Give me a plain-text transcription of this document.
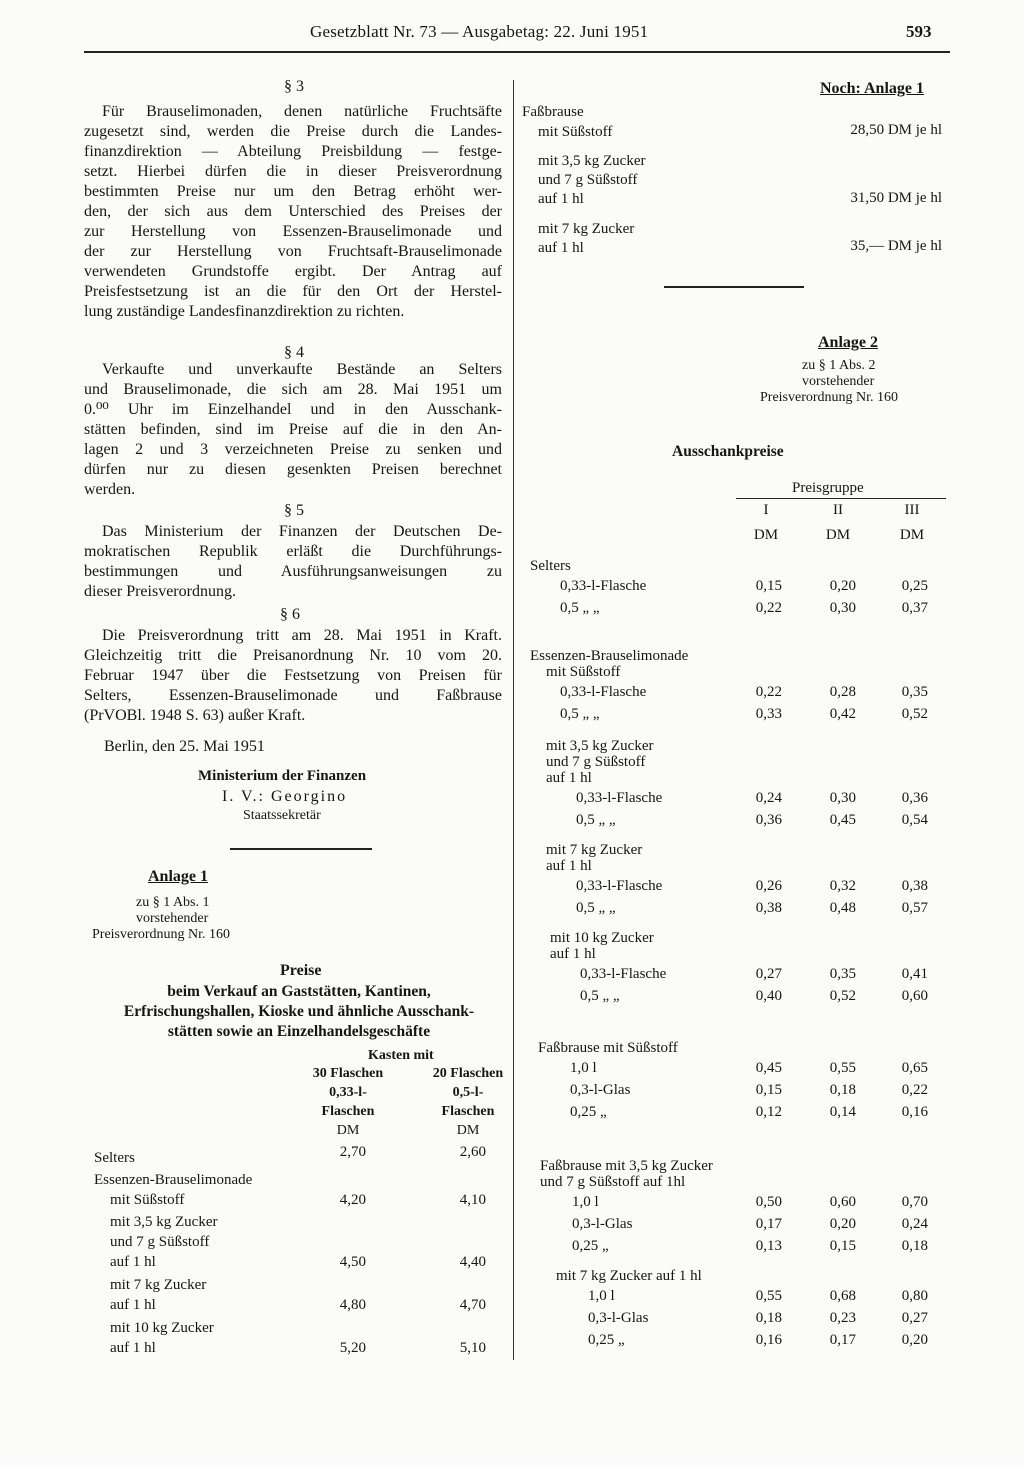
Gesetzblatt Nr. 73 — Ausgabetag: 22. Juni 1951	593
§ 3
Für Brauselimonaden, denen natürliche Fruchtsäfte
zugesetzt sind, werden die Preise durch die Landes-
finanzdirektion — Abteilung Preisbildung — festge-
setzt. Hierbei dürfen die in dieser Preisverordnung
bestimmten Preise nur um den Betrag erhöht wer-
den, der sich aus dem Unterschied des Preises der
zur Herstellung von Essenzen-Brauselimonade und
der zur Herstellung von Fruchtsaft-Brauselimonade
verwendeten Grundstoffe ergibt. Der Antrag auf
Preisfestsetzung ist an die für den Ort der Herstel-
lung zuständige Landesfinanzdirektion zu richten.
§ 4
Verkaufte und unverkaufte Bestände an Selters
und Brauselimonade, die sich am 28. Mai 1951 um
0.⁰⁰ Uhr im Einzelhandel und in den Ausschank-
stätten befinden, sind im Preise auf die in den An-
lagen 2 und 3 verzeichneten Preise zu senken und
dürfen nur zu diesen gesenkten Preisen berechnet
werden.
§ 5
Das Ministerium der Finanzen der Deutschen De-
mokratischen Republik erläßt die Durchführungs-
bestimmungen und Ausführungsanweisungen zu
dieser Preisverordnung.
§ 6
Die Preisverordnung tritt am 28. Mai 1951 in Kraft.
Gleichzeitig tritt die Preisanordnung Nr. 10 vom 20.
Februar 1947 über die Festsetzung von Preisen für
Selters, Essenzen-Brauselimonade und Faßbrause
(PrVOBl. 1948 S. 63) außer Kraft.
Berlin, den 25. Mai 1951
Ministerium der Finanzen
I. V.: Georgino
Staatssekretär
Anlage 1
zu § 1 Abs. 1
vorstehender
Preisverordnung Nr. 160
Preise
beim Verkauf an Gaststätten, Kantinen,
Erfrischungshallen, Kioske und ähnliche Ausschank-
stätten sowie an Einzelhandelsgeschäfte
Kasten mit
30 Flaschen
0,33-l-
Flaschen
DM
20 Flaschen
0,5-l-
Flaschen
DM
Selters	2,70	2,60
Essenzen-Brauselimonade
mit Süßstoff	4,20	4,10
mit 3,5 kg Zucker
und 7 g Süßstoff
auf 1 hl	4,50	4,40
mit 7 kg Zucker
auf 1 hl	4,80	4,70
mit 10 kg Zucker
auf 1 hl	5,20	5,10
Noch: Anlage 1
Faßbrause
mit Süßstoff	28,50 DM je hl
mit 3,5 kg Zucker
und 7 g Süßstoff
auf 1 hl	31,50 DM je hl
mit 7 kg Zucker
auf 1 hl	35,— DM je hl
Anlage 2
zu § 1 Abs. 2
vorstehender
Preisverordnung Nr. 160
Ausschankpreise
Preisgruppe
I	II	III
DM	DM	DM
Selters
0,33-l-Flasche	0,15	0,20	0,25
0,5 „ „	0,22	0,30	0,37
Essenzen-Brauselimonade
mit Süßstoff
0,33-l-Flasche	0,22	0,28	0,35
0,5 „ „	0,33	0,42	0,52
mit 3,5 kg Zucker
und 7 g Süßstoff
auf 1 hl
0,33-l-Flasche	0,24	0,30	0,36
0,5 „ „	0,36	0,45	0,54
mit 7 kg Zucker
auf 1 hl
0,33-l-Flasche	0,26	0,32	0,38
0,5 „ „	0,38	0,48	0,57
mit 10 kg Zucker
auf 1 hl
0,33-l-Flasche	0,27	0,35	0,41
0,5 „ „	0,40	0,52	0,60
Faßbrause mit Süßstoff
1,0 l	0,45	0,55	0,65
0,3-l-Glas	0,15	0,18	0,22
0,25 „	0,12	0,14	0,16
Faßbrause mit 3,5 kg Zucker
und 7 g Süßstoff auf 1hl
1,0 l	0,50	0,60	0,70
0,3-l-Glas	0,17	0,20	0,24
0,25 „	0,13	0,15	0,18
mit 7 kg Zucker auf 1 hl
1,0 l	0,55	0,68	0,80
0,3-l-Glas	0,18	0,23	0,27
0,25 „	0,16	0,17	0,20
